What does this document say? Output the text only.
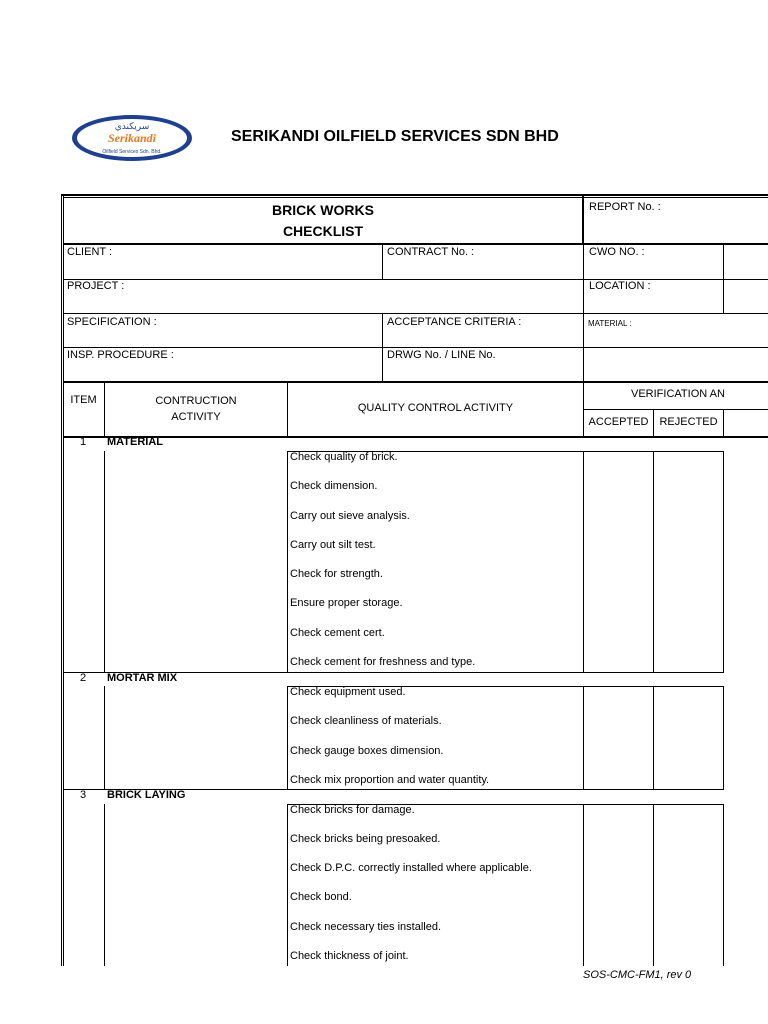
سريكندي
Serikandi
Oilfield Services Sdn. Bhd.
SERIKANDI OILFIELD SERVICES SDN BHD
BRICK WORKS
CHECKLIST
REPORT No. :
CLIENT :	CONTRACT No. :	CWO NO. :
PROJECT :	LOCATION :
SPECIFICATION :	ACCEPTANCE CRITERIA :	MATERIAL :
INSP. PROCEDURE :	DRWG No. / LINE No.
ITEM	CONTRUCTION
ACTIVITY
QUALITY CONTROL ACTIVITY
VERIFICATION AN
ACCEPTED	REJECTED
1	MATERIAL
Check quality of brick.
Check dimension.
Carry out sieve analysis.
Carry out silt test.
Check for strength.
Ensure proper storage.
Check cement cert.
Check cement for freshness and type.
2	MORTAR MIX
Check equipment used.
Check cleanliness of materials.
Check gauge boxes dimension.
Check mix proportion and water quantity.
3	BRICK LAYING
Check bricks for damage.
Check bricks being presoaked.
Check D.P.C. correctly installed where applicable.
Check bond.
Check necessary ties installed.
Check thickness of joint.
SOS-CMC-FM1, rev 0
